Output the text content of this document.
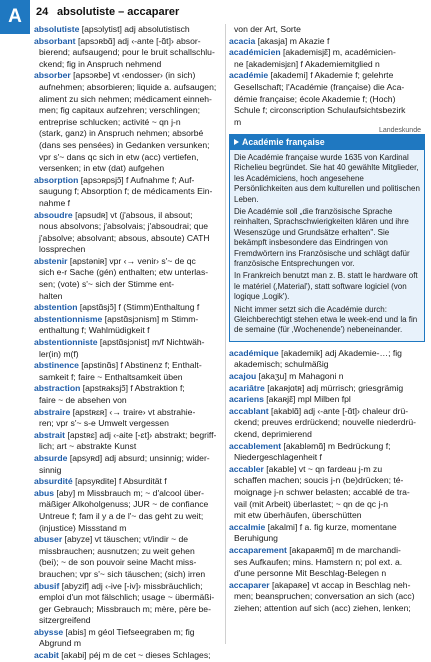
A	24 absolutiste – accaparer
absolutiste [apsɔlytist] adj absolutistisch
absorbant [apsɔʀbɑ̃] adj ‹-ante [-ɑ̃t]› absor-
bierend; aufsaugend; pour le bruit schallschlu-
ckend; fig in Anspruch nehmend
absorber [apsɔʀbe] vt ‹endosser› (in sich)
aufnehmen; absorbieren; liquide a. aufsaugen;
aliment zu sich nehmen; médicament einneh-
men; fig capitaux aufzehren; verschlingen;
entreprise schlucken; activité ~ qn j-n
(stark, ganz) in Anspruch nehmen; absorbé
(dans ses pensées) in Gedanken versunken;
vpr s'~ dans qc sich in etw (acc) vertiefen,
versenken; in etw (dat) aufgehen
absorption [apsɔʀpsjɔ̃] f Aufnahme f; Auf-
saugung f; Absorption f; de médicaments Ein-
nahme f
absoudre [apsudʀ] vt (j'absous, il absout;
nous absolvons; j'absolvais; j'absoudrai; que
j'absolve; absolvant; absous, absoute) CATH
lossprechen
abstenir [apstəniʀ] vpr ‹→ venir› s'~ de qc
sich e-r Sache (gén) enthalten; etw unterlas-
sen; (vote) s'~ sich der Stimme ent-
halten
abstention [apstɑ̃sjɔ̃] f (Stimm)Enthaltung f
abstentionnisme [apstɑ̃sjɔnism] m Stimm-
enthaltung f; Wahlmüdigkeit f
abstentionniste [apstɑ̃sjɔnist] m/f Nichtwäh-
ler(in) m(f)
abstinence [apstinɑ̃s] f Abstinenz f; Enthalt-
samkeit f; faire ~ Enthaltsamkeit üben
abstraction [apstʀaksjɔ̃] f Abstraktion f;
faire ~ de absehen von
abstraire [apstʀɛʀ] ‹→ traire› vt abstrahie-
ren; vpr s'~ s-e Umwelt vergessen
abstrait [apstʀɛ] adj ‹-aite [-ɛt]› abstrakt; begriff-
lich; art ~ abstrakte Kunst
absurde [apsyʀd] adj absurd; unsinnig; wider-
sinnig
absurdité [apsyʀdite] f Absurdität f
abus [aby] m Missbrauch m; ~ d'alcool über-
mäßiger Alkoholgenuss; JUR ~ de confiance
Untreue f; fam il y a de l'~ das geht zu weit;
(injustice) Missstand m
abuser [abyze] vt täuschen; vt/indir ~ de
missbrauchen; ausnutzen; zu weit gehen
(bei); ~ de son pouvoir seine Macht miss-
brauchen; vpr s'~ sich täuschen; (sich) irren
abusif [abyzif] adj ‹-ive [-iv]› missbräuchlich;
emploi d'un mot fälschlich; usage ~ übermäßi-
ger Gebrauch; Missbrauch m; mère, père be-
sitzergreifend
abysse [abis] m géol Tiefseegraben m; fig
Abgrund m
acabit [akabi] péj m de cet ~ dieses Schlages;
von der Art, Sorte
acacia [akasja] m Akazie f
académicien [akademisjɛ̃] m, académicien-
ne [akademisjɛn] f Akademiemitglied n
académie [akademi] f Akademie f; gelehrte
Gesellschaft; l'Académie (française) die Aca-
démie française; école Akademie f; (Hoch)
Schule f; circonscription Schulaufsichtsbezirk
m
Landeskunde
Académie française

Die Académie française wurde 1635 von Kardinal Richelieu begründet. Sie hat 40 gewählte Mitglieder, les Académiciens, hoch angesehene Persönlichkeiten aus dem kulturellen und politischen Leben.

Die Académie soll „die französische Sprache reinhalten, Sprachschwierigkeiten klären und ihre Wesenszüge und Grundsätze erhalten". Sie bekämpft insbesondere das Eindringen von Fremdwörtern ins Französische und schlägt dafür französische Entsprechungen vor.

In Frankreich benutzt man z. B. statt le hardware oft le matériel (‚Material'), statt software logiciel (von logique ‚Logik').

Nicht immer setzt sich die Académie durch: Gleichberechtigt stehen etwa le week-end und la fin de semaine (für ‚Wochenende') nebeneinander.

académique [akademik] adj Akademie-…; fig
akademisch; schulmäßig
acajou [akaʒu] m Mahagoni n
acariâtre [akaʀjɑtʀ] adj mürrisch; griesgrämig
acariens [akaʀjɛ̃] mpl Milben fpl
accablant [akablɑ̃] adj ‹-ante [-ɑ̃t]› chaleur drü-
ckend; preuves erdrückend; nouvelle niederdrü-
ckend, deprimierend
accablement [akabləmɑ̃] m Bedrückung f;
Niedergeschlagenheit f
accabler [akable] vt ~ qn fardeau j-m zu
schaffen machen; soucis j-n (be)drücken; té-
moignage j-n schwer belasten; accablé de tra-
vail (mit Arbeit) überlastet; ~ qn de qc j-n
mit etw überhäufen, überschütten
accalmie [akalmi] f a. fig kurze, momentane
Beruhigung
accaparement [akapaʀmɑ̃] m de marchandi-
ses Aufkaufen; mins. Hamstern n; pol ext. a.
d'une personne Mit Beschlag-Belegen n
accaparer [akapaʀe] vt accap in Beschlag neh-
men; beanspruchen; conversation an sich (acc)
ziehen; attention auf sich (acc) ziehen, lenken;
